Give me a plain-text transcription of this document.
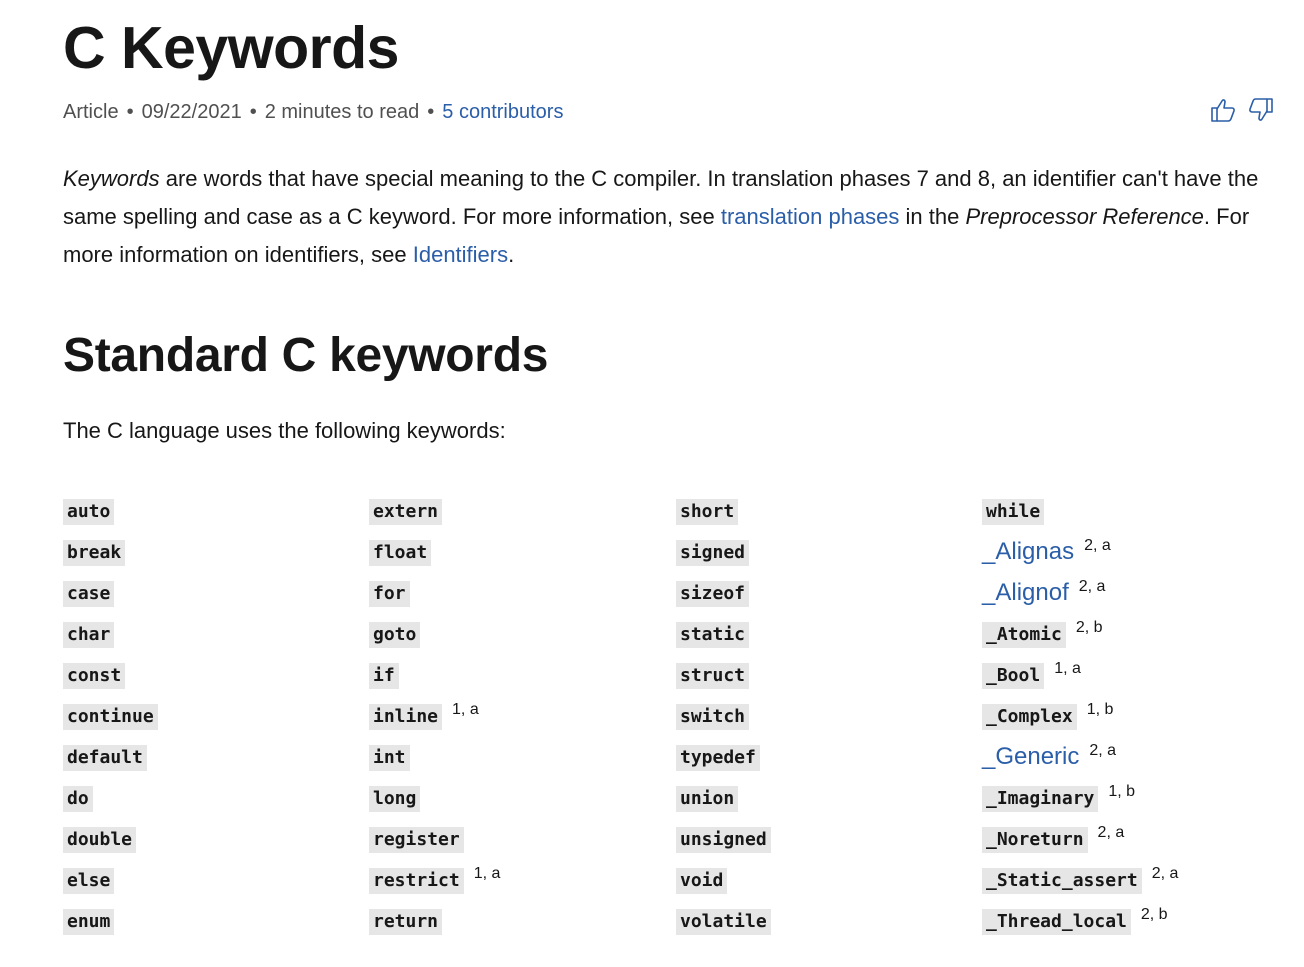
C Keywords
Article • 09/22/2021 • 2 minutes to read • 5 contributors

Keywords are words that have special meaning to the C compiler. In translation phases 7 and 8, an identifier can't have the same spelling and case as a C keyword. For more information, see translation phases in the Preprocessor Reference. For more information on identifiers, see Identifiers.

Standard C keywords
The C language uses the following keywords:
auto
break
case
char
const
continue
default
do
double
else
enum
extern
float
for
goto
if
inline 1, a
int
long
register
restrict 1, a
return
short
signed
sizeof
static
struct
switch
typedef
union
unsigned
void
volatile
while
_Alignas 2, a
_Alignof 2, a
_Atomic 2, b
_Bool 1, a
_Complex 1, b
_Generic 2, a
_Imaginary 1, b
_Noreturn 2, a
_Static_assert 2, a
_Thread_local 2, b
